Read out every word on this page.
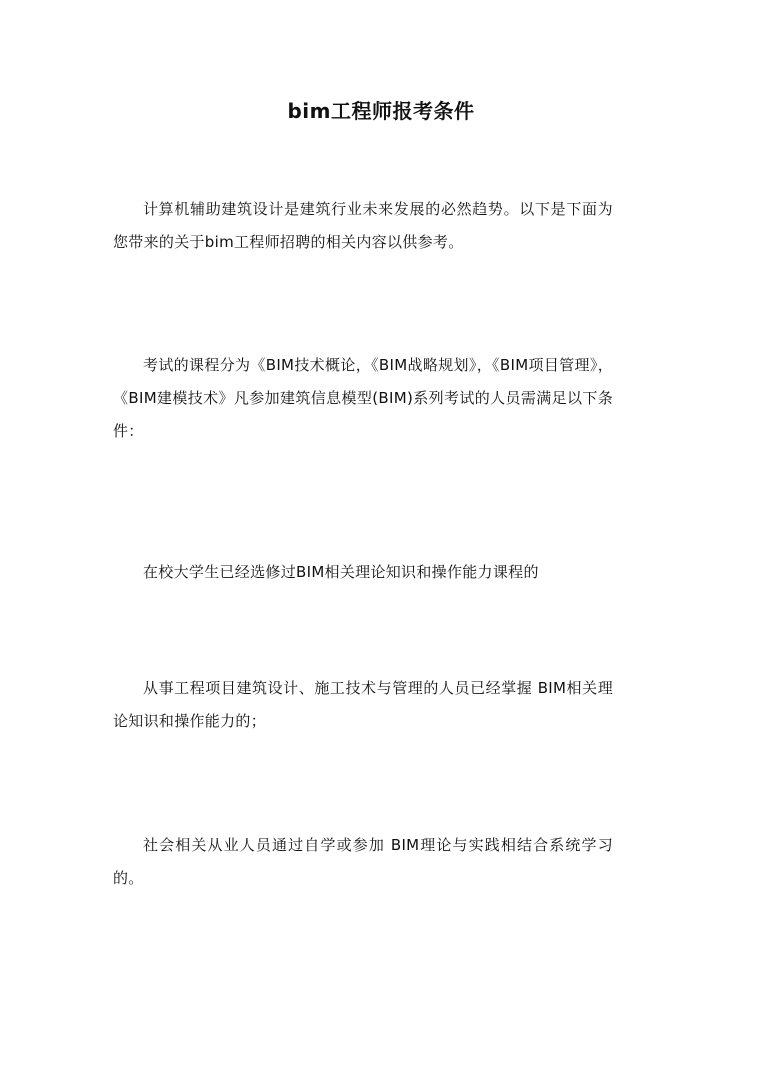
bim工程师报考条件

计算机辅助建筑设计是建筑行业未来发展的必然趋势。以下是下面为您带来的关于bim工程师招聘的相关内容以供参考。

考试的课程分为《BIM技术概论，《BIM战略规划》，《BIM项目管理》，《BIM建模技术》凡参加建筑信息模型(BIM)系列考试的人员需满足以下条件：

在校大学生已经选修过BIM相关理论知识和操作能力课程的

从事工程项目建筑设计、施工技术与管理的人员已经掌握 BIM相关理论知识和操作能力的；

社会相关从业人员通过自学或参加 BIM理论与实践相结合系统学习的。
